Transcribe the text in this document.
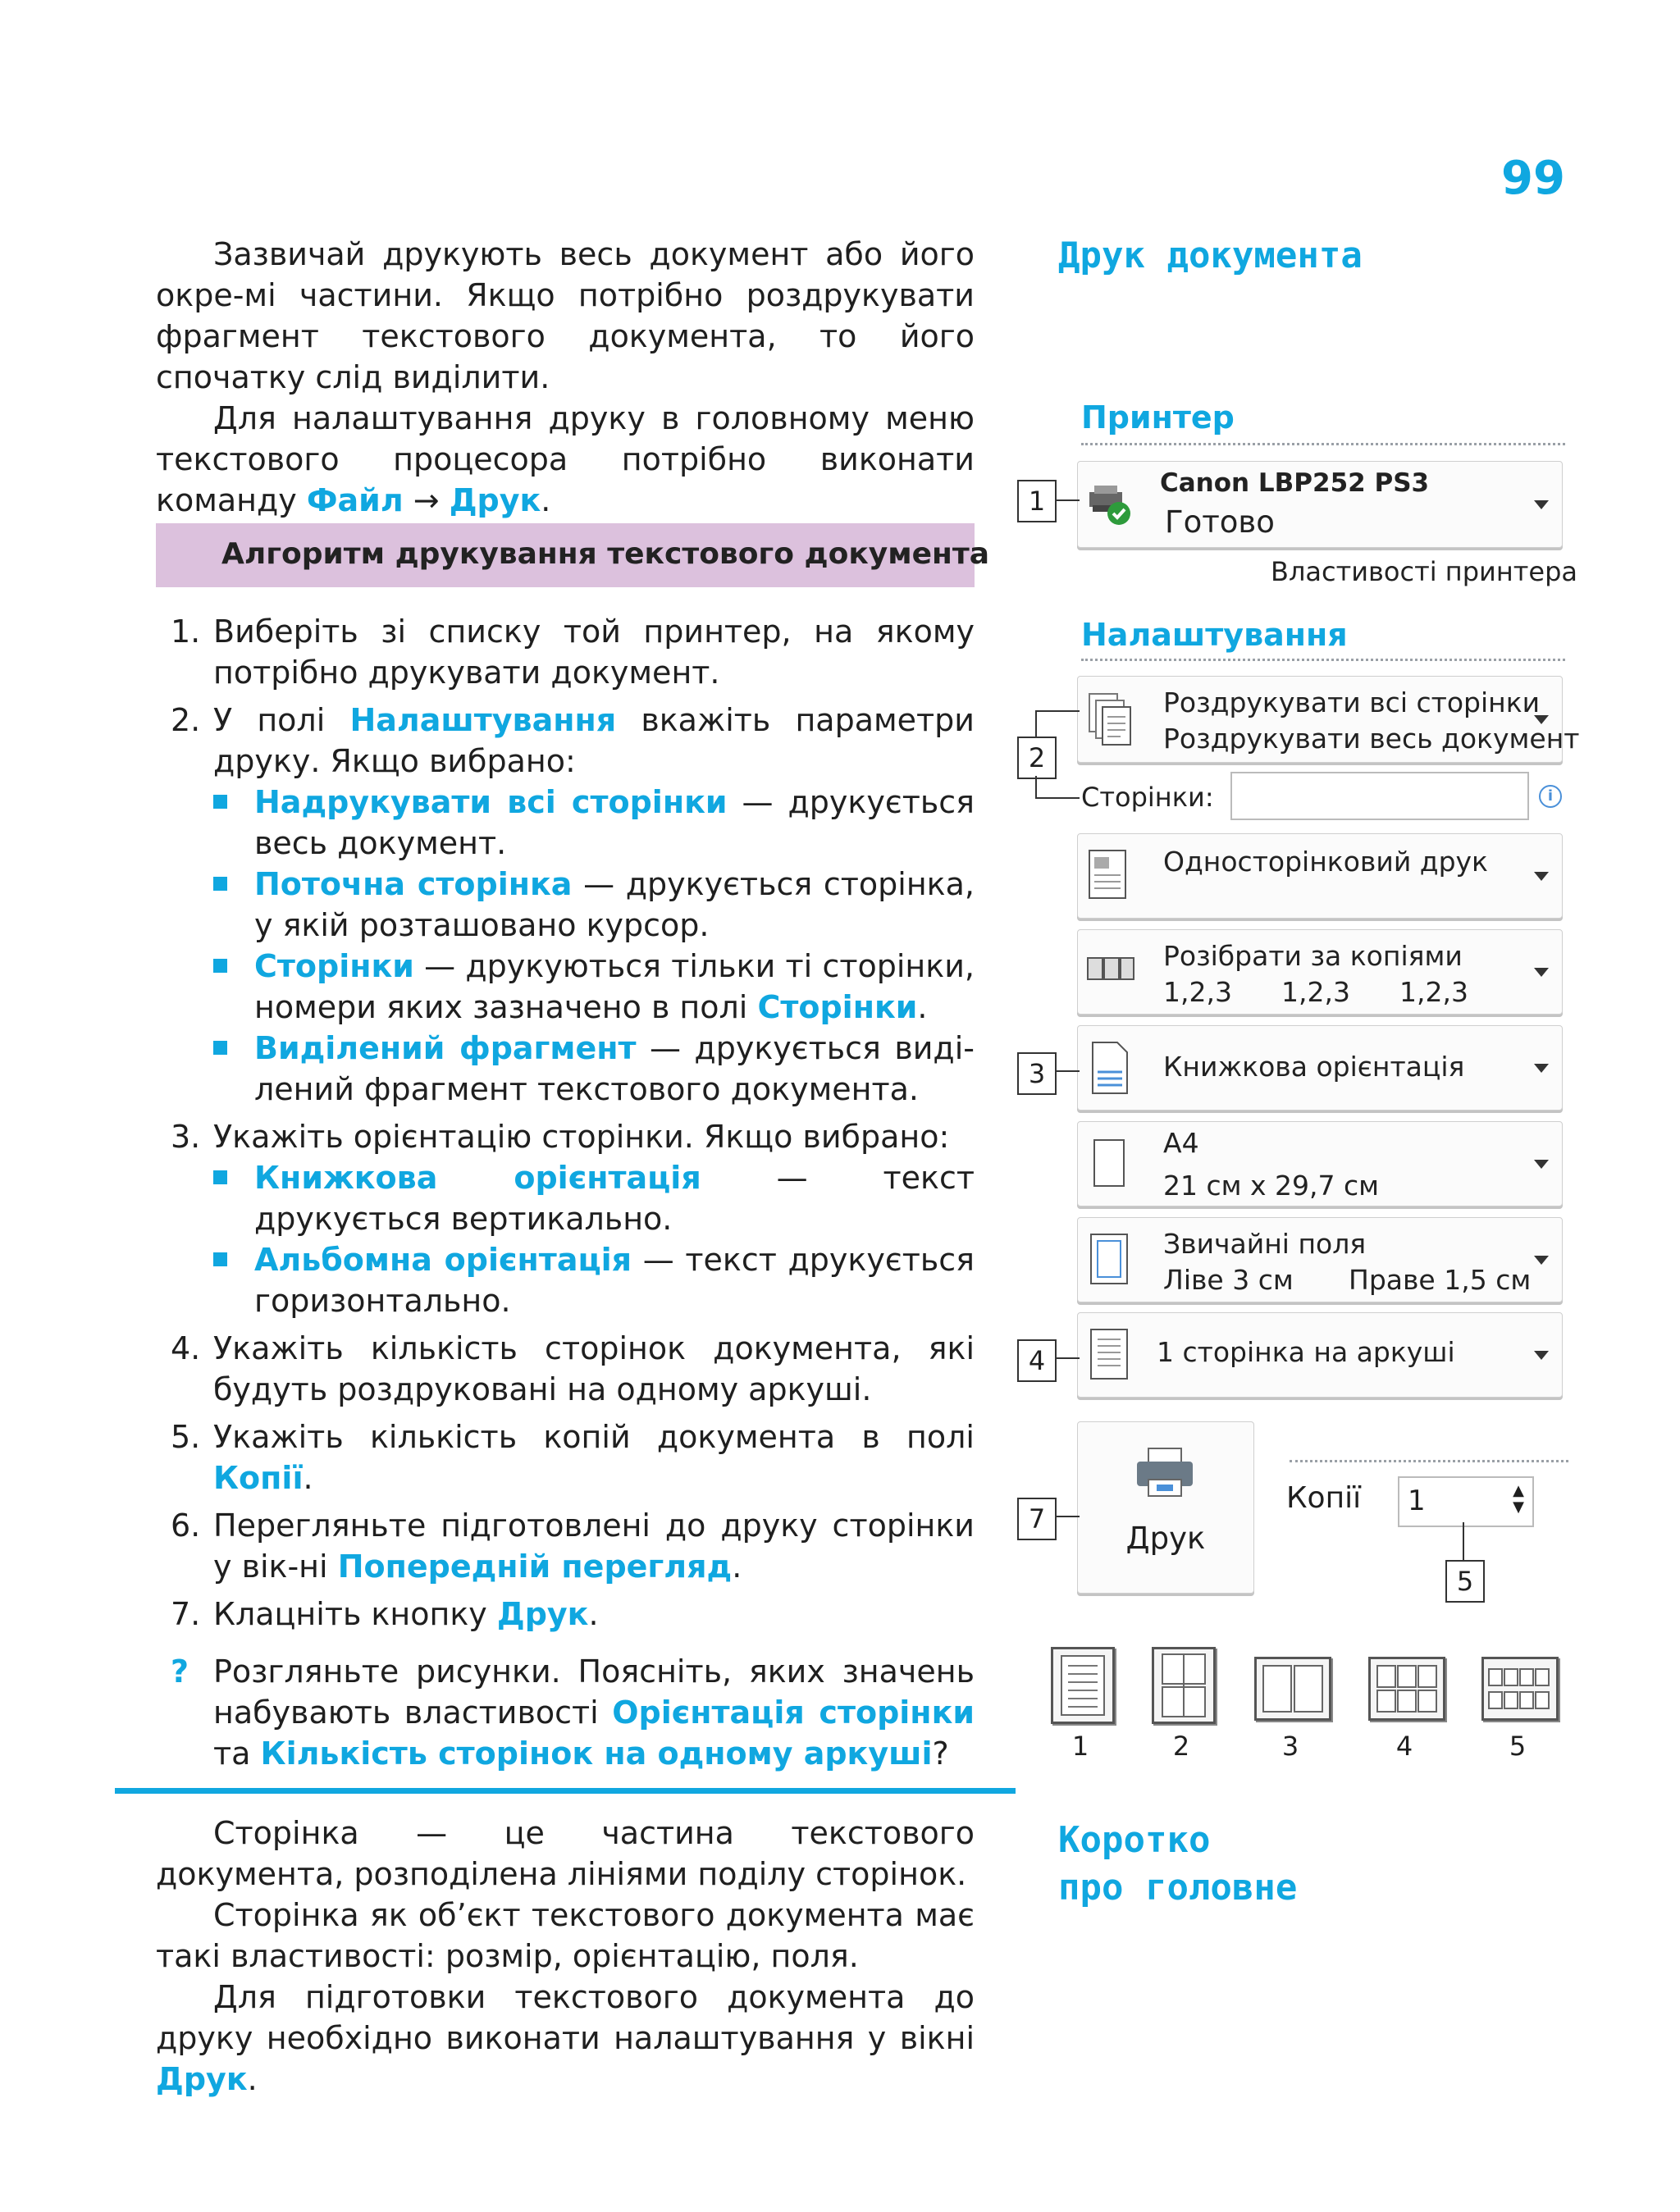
99

Зазвичай друкують весь документ або його окре-мі частини. Якщо потрібно роздрукувати фрагмент текстового документа, то його спочатку слід виділити.

Для налаштування друку в головному меню текстового процесора потрібно виконати команду Файл → Друк.

Алгоритм друкування текстового документа
1. Виберіть зі списку той принтер, на якому потрібно друкувати документ.
2. У полі Налаштування вкажіть параметри друку. Якщо вибрано:
Надрукувати всі сторінки — друкується весь документ.
Поточна сторінка — друкується сторінка, у якій розташовано курсор.
Сторінки — друкуються тільки ті сторінки, номери яких зазначено в полі Сторінки.
Виділений фрагмент — друкується виді-лений фрагмент текстового документа.
3. Укажіть орієнтацію сторінки. Якщо вибрано:
Книжкова орієнтація — текст друкується вертикально.
Альбомна орієнтація — текст друкується горизонтально.
4. Укажіть кількість сторінок документа, які будуть роздруковані на одному аркуші.
5. Укажіть кількість копій документа в полі Копії.
6. Перегляньте підготовлені до друку сторінки у вік-ні Попередній перегляд.
7. Клацніть кнопку Друк.
? Розгляньте рисунки. Поясніть, яких значень набувають властивості Орієнтація сторінки та Кількість сторінок на одному аркуші?

Сторінка — це частина текстового документа, розподілена лініями поділу сторінок.

Сторінка як об’єкт текстового документа має такі властивості: розмір, орієнтацію, поля.

Для підготовки текстового документа до друку необхідно виконати налаштування у вікні Друк.

Друк документа
Принтер
Canon LBP252 PS3
Готово
Властивості принтера
Налаштування
Роздрукувати всі сторінки
Роздрукувати весь документ
Сторінки:	i
Односторінковий друк
Розібрати за копіями
1,2,3 1,2,3 1,2,3
Книжкова орієнтація
A4
21 см x 29,7 см
Звичайні поля
Ліве 3 см Праве 1,5 см
1 сторінка на аркуші
Друк
Копії 1	▲
▼
1
2
3
4
7
5
1	2	3	4	5
Коротко
про головне
